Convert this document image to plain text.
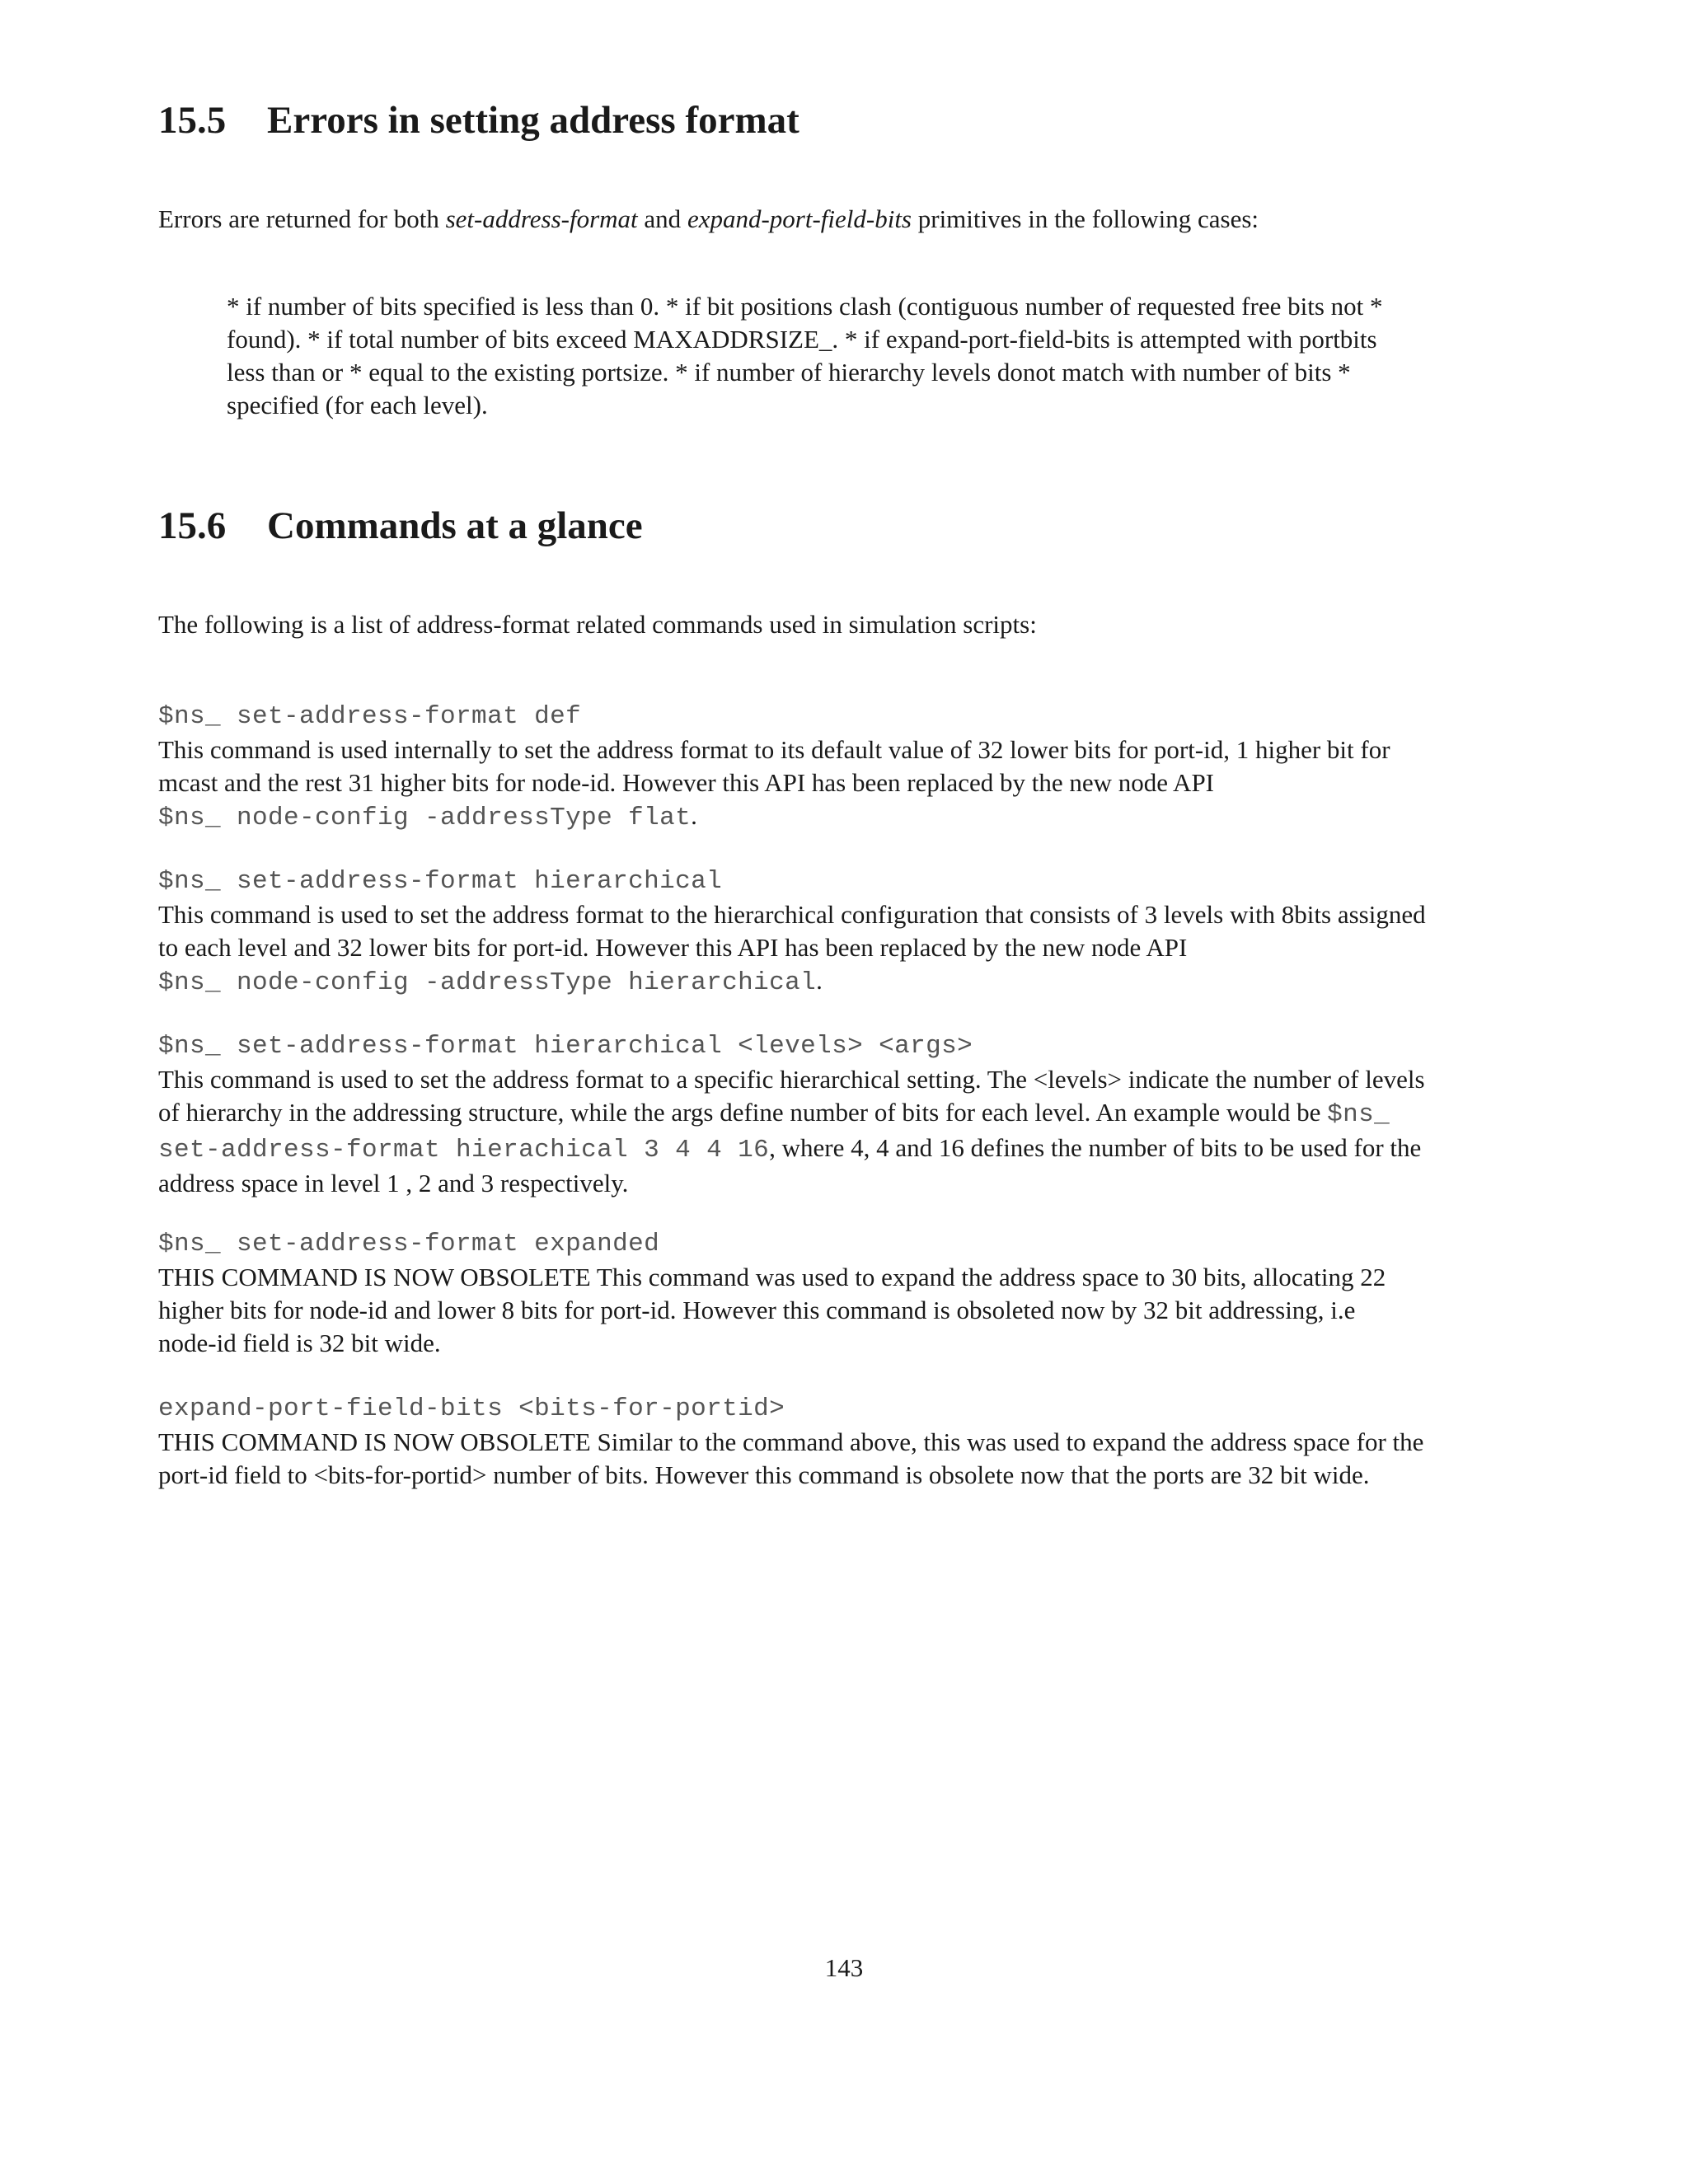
15.5 Errors in setting address format
Errors are returned for both set-address-format and expand-port-field-bits primitives in the following cases:
* if number of bits specified is less than 0. * if bit positions clash (contiguous number of requested free bits not *
found). * if total number of bits exceed MAXADDRSIZE_. * if expand-port-field-bits is attempted with portbits
less than or * equal to the existing portsize. * if number of hierarchy levels donot match with number of bits *
specified (for each level).
15.6 Commands at a glance
The following is a list of address-format related commands used in simulation scripts:
$ns_ set-address-format def
This command is used internally to set the address format to its default value of 32 lower bits for port-id, 1 higher bit for
mcast and the rest 31 higher bits for node-id. However this API has been replaced by the new node API
$ns_ node-config -addressType flat.
$ns_ set-address-format hierarchical
This command is used to set the address format to the hierarchical configuration that consists of 3 levels with 8bits assigned
to each level and 32 lower bits for port-id. However this API has been replaced by the new node API
$ns_ node-config -addressType hierarchical.
$ns_ set-address-format hierarchical <levels> <args>
This command is used to set the address format to a specific hierarchical setting. The <levels> indicate the number of levels
of hierarchy in the addressing structure, while the args define number of bits for each level. An example would be $ns_
set-address-format hierachical 3 4 4 16, where 4, 4 and 16 defines the number of bits to be used for the
address space in level 1 , 2 and 3 respectively.
$ns_ set-address-format expanded
THIS COMMAND IS NOW OBSOLETE This command was used to expand the address space to 30 bits, allocating 22
higher bits for node-id and lower 8 bits for port-id. However this command is obsoleted now by 32 bit addressing, i.e
node-id field is 32 bit wide.
expand-port-field-bits <bits-for-portid>
THIS COMMAND IS NOW OBSOLETE Similar to the command above, this was used to expand the address space for the
port-id field to <bits-for-portid> number of bits. However this command is obsolete now that the ports are 32 bit wide.
143
